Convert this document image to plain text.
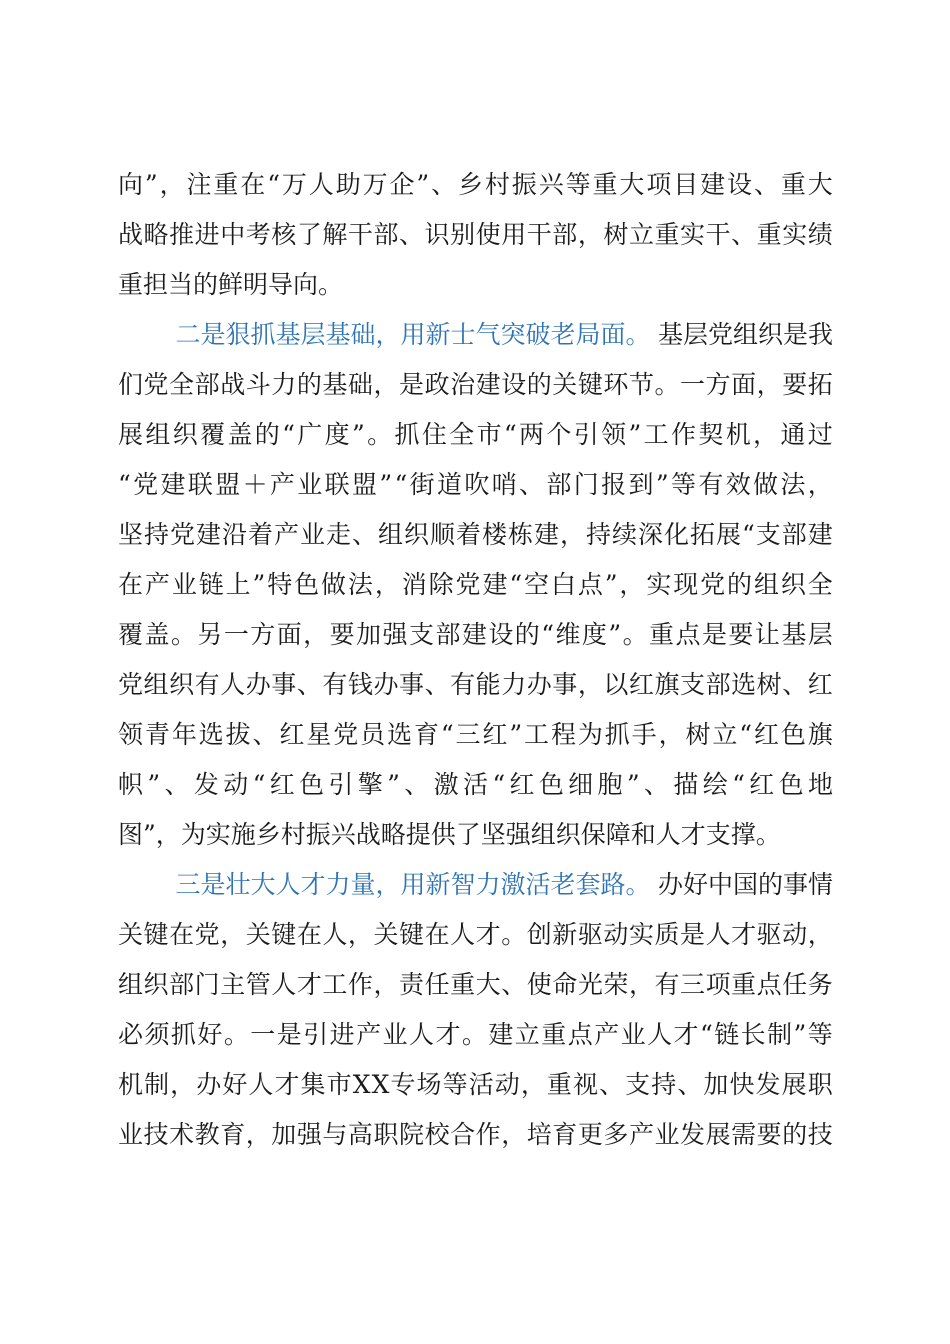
向 ” ， 注 重 在 “ 万 人 助 万 企 ” 、 乡 村 振 兴 等 重 大 项 目 建 设 、 重 大
战 略 推 进 中 考 核 了 解 干 部 、 识 别 使 用 干 部 ， 树 立 重 实 干 、 重 实 绩
重担当的鲜明导向。
二是狠抓基层基础，用新士气突破老局面。 基层党组织是我
们 党 全 部 战 斗 力 的 基 础 ， 是 政 治 建 设 的 关 键 环 节 。 一 方 面 ， 要 拓
展 组 织 覆 盖 的 “ 广 度 ” 。 抓 住 全 市 “ 两 个 引 领 ” 工 作 契 机 ， 通 过
“ 党 建 联 盟 ＋ 产 业 联 盟 ” “ 街 道 吹 哨 、 部 门 报 到 ” 等 有 效 做 法 ，
坚 持 党 建 沿 着 产 业 走 、 组 织 顺 着 楼 栋 建 ， 持 续 深 化 拓 展 “ 支 部 建
在 产 业 链 上 ” 特 色 做 法 ， 消 除 党 建 “ 空 白 点 ” ， 实 现 党 的 组 织 全
覆 盖 。 另 一 方 面 ， 要 加 强 支 部 建 设 的 “ 维 度 ” 。 重 点 是 要 让 基 层
党 组 织 有 人 办 事 、 有 钱 办 事 、 有 能 力 办 事 ， 以 红 旗 支 部 选 树 、 红
领 青 年 选 拔 、 红 星 党 员 选 育 “ 三 红 ” 工 程 为 抓 手 ， 树 立 “ 红 色 旗
帜 ” 、 发 动 “ 红 色 引 擎 ” 、 激 活 “ 红 色 细 胞 ” 、 描 绘 “ 红 色 地
图”，为实施乡村振兴战略提供了坚强组织保障和人才支撑。
三是壮大人才力量，用新智力激活老套路。 办好中国的事情
关 键 在 党 ， 关 键 在 人 ， 关 键 在 人 才 。 创 新 驱 动 实 质 是 人 才 驱 动 ，
组 织 部 门 主 管 人 才 工 作 ， 责 任 重 大 、 使 命 光 荣 ， 有 三 项 重 点 任 务
必 须 抓 好 。 一 是 引 进 产 业 人 才 。 建 立 重 点 产 业 人 才 “ 链 长 制 ” 等
机 制 ， 办 好 人 才 集 市 X X 专 场 等 活 动 ， 重 视 、 支 持 、 加 快 发 展 职
业 技 术 教 育 ， 加 强 与 高 职 院 校 合 作 ， 培 育 更 多 产 业 发 展 需 要 的 技
